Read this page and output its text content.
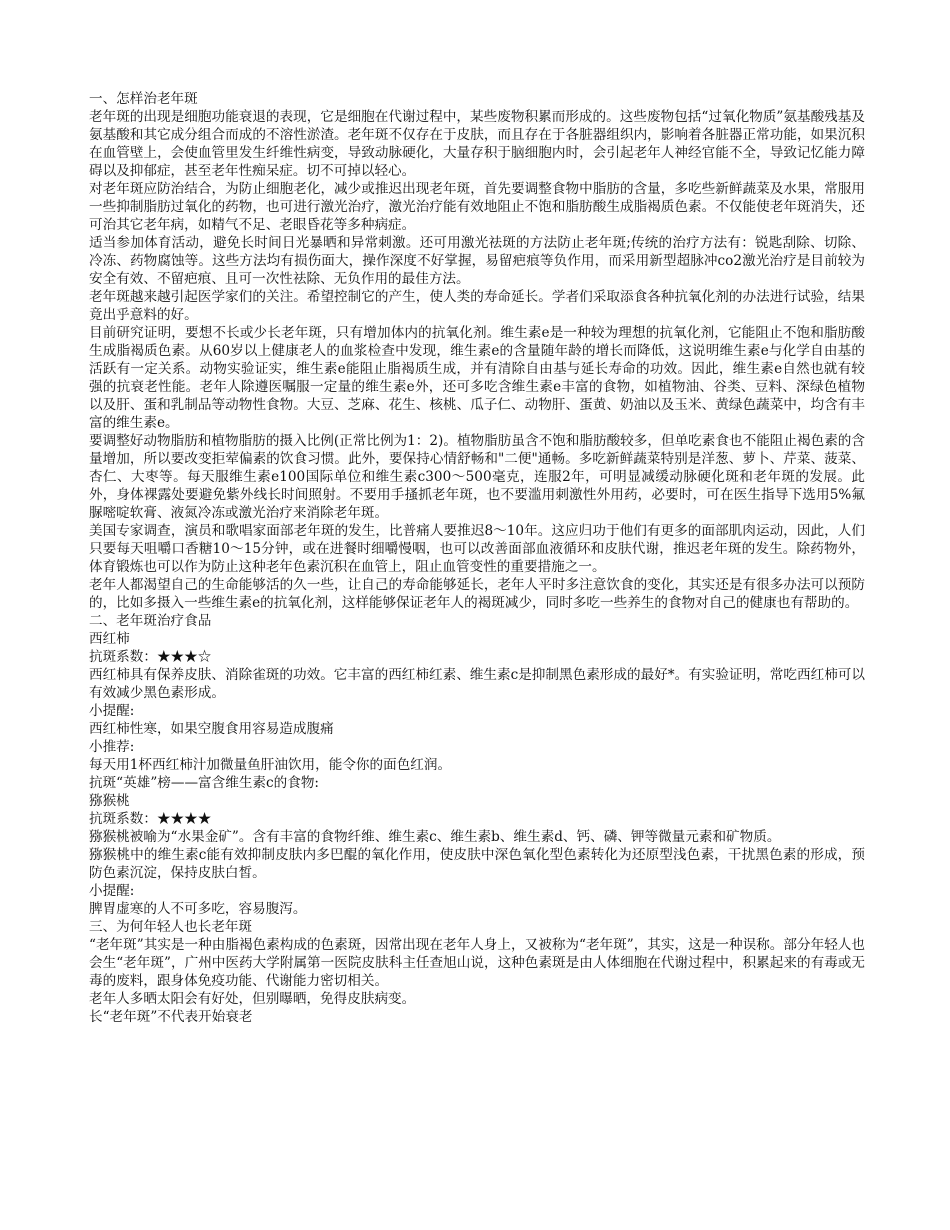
一、怎样治老年斑

老年斑的出现是细胞功能衰退的表现，它是细胞在代谢过程中，某些废物积累而形成的。这些废物包括“过氧化物质”氨基酸残基及氨基酸和其它成分组合而成的不溶性淤渣。老年斑不仅存在于皮肤，而且存在于各脏器组织内，影响着各脏器正常功能，如果沉积在血管壁上，会使血管里发生纤维性病变，导致动脉硬化，大量存积于脑细胞内时，会引起老年人神经官能不全，导致记忆能力障碍以及抑郁症，甚至老年性痴呆症。切不可掉以轻心。

对老年斑应防治结合，为防止细胞老化，减少或推迟出现老年斑，首先要调整食物中脂肪的含量，多吃些新鲜蔬菜及水果，常服用一些抑制脂肪过氧化的药物，也可进行激光治疗，激光治疗能有效地阻止不饱和脂肪酸生成脂褐质色素。不仅能使老年斑消失，还可治其它老年病，如精气不足、老眼昏花等多种病症。

适当参加体育活动，避免长时间日光暴晒和异常刺激。还可用激光祛斑的方法防止老年斑;传统的治疗方法有：锐匙刮除、切除、冷冻、药物腐蚀等。这些方法均有损伤面大，操作深度不好掌握，易留疤痕等负作用，而采用新型超脉冲co2激光治疗是目前较为安全有效、不留疤痕、且可一次性祛除、无负作用的最佳方法。

老年斑越来越引起医学家们的关注。希望控制它的产生，使人类的寿命延长。学者们采取添食各种抗氧化剂的办法进行试验，结果竟出乎意料的好。

目前研究证明，要想不长或少长老年斑，只有增加体内的抗氧化剂。维生素e是一种较为理想的抗氧化剂，它能阻止不饱和脂肪酸生成脂褐质色素。从60岁以上健康老人的血浆检查中发现，维生素e的含量随年龄的增长而降低，这说明维生素e与化学自由基的活跃有一定关系。动物实验证实，维生素e能阻止脂褐质生成，并有清除自由基与延长寿命的功效。因此，维生素e自然也就有较强的抗衰老性能。老年人除遵医嘱服一定量的维生素e外，还可多吃含维生素e丰富的食物，如植物油、谷类、豆料、深绿色植物以及肝、蛋和乳制品等动物性食物。大豆、芝麻、花生、核桃、瓜子仁、动物肝、蛋黄、奶油以及玉米、黄绿色蔬菜中，均含有丰富的维生素e。

要调整好动物脂肪和植物脂肪的摄入比例(正常比例为1：2)。植物脂肪虽含不饱和脂肪酸较多，但单吃素食也不能阻止褐色素的含量增加，所以要改变拒荤偏素的饮食习惯。此外，要保持心情舒畅和"二便"通畅。多吃新鲜蔬菜特别是洋葱、萝卜、芹菜、菠菜、杏仁、大枣等。每天服维生素e100国际单位和维生素c300～500毫克，连服2年，可明显减缓动脉硬化斑和老年斑的发展。此外，身体裸露处要避免紫外线长时间照射。不要用手搔抓老年斑，也不要滥用刺激性外用药，必要时，可在医生指导下选用5%氟脲嘧啶软膏、液氮冷冻或激光治疗来消除老年斑。

美国专家调查，演员和歌唱家面部老年斑的发生，比普痛人要推迟8～10年。这应归功于他们有更多的面部肌肉运动，因此，人们只要每天咀嚼口香糖10～15分钟，或在进餐时细嚼慢咽，也可以改善面部血液循环和皮肤代谢，推迟老年斑的发生。除药物外，体育锻炼也可以作为防止这种老年色素沉积在血管上，阻止血管变性的重要措施之一。

老年人都渴望自己的生命能够活的久一些，让自己的寿命能够延长，老年人平时多注意饮食的变化，其实还是有很多办法可以预防的，比如多摄入一些维生素e的抗氧化剂，这样能够保证老年人的褐斑减少，同时多吃一些养生的食物对自己的健康也有帮助的。

二、老年斑治疗食品

西红柿

抗斑系数：★★★☆

西红柿具有保养皮肤、消除雀斑的功效。它丰富的西红柿红素、维生素c是抑制黑色素形成的最好*。有实验证明，常吃西红柿可以有效减少黑色素形成。

小提醒:

西红柿性寒，如果空腹食用容易造成腹痛

小推荐:

每天用1杯西红柿汁加微量鱼肝油饮用，能令你的面色红润。

抗斑“英雄”榜——富含维生素c的食物:

猕猴桃

抗斑系数：★★★★

猕猴桃被喻为“水果金矿”。含有丰富的食物纤维、维生素c、维生素b、维生素d、钙、磷、钾等微量元素和矿物质。

猕猴桃中的维生素c能有效抑制皮肤内多巴醌的氧化作用，使皮肤中深色氧化型色素转化为还原型浅色素，干扰黑色素的形成，预防色素沉淀，保持皮肤白皙。

小提醒:

脾胃虚寒的人不可多吃，容易腹泻。

三、为何年轻人也长老年斑

“老年斑”其实是一种由脂褐色素构成的色素斑，因常出现在老年人身上，又被称为“老年斑”，其实，这是一种误称。部分年轻人也会生“老年斑”，广州中医药大学附属第一医院皮肤科主任查旭山说，这种色素斑是由人体细胞在代谢过程中，积累起来的有毒或无毒的废料，跟身体免疫功能、代谢能力密切相关。

老年人多晒太阳会有好处，但别曝晒，免得皮肤病变。

长“老年斑”不代表开始衰老
